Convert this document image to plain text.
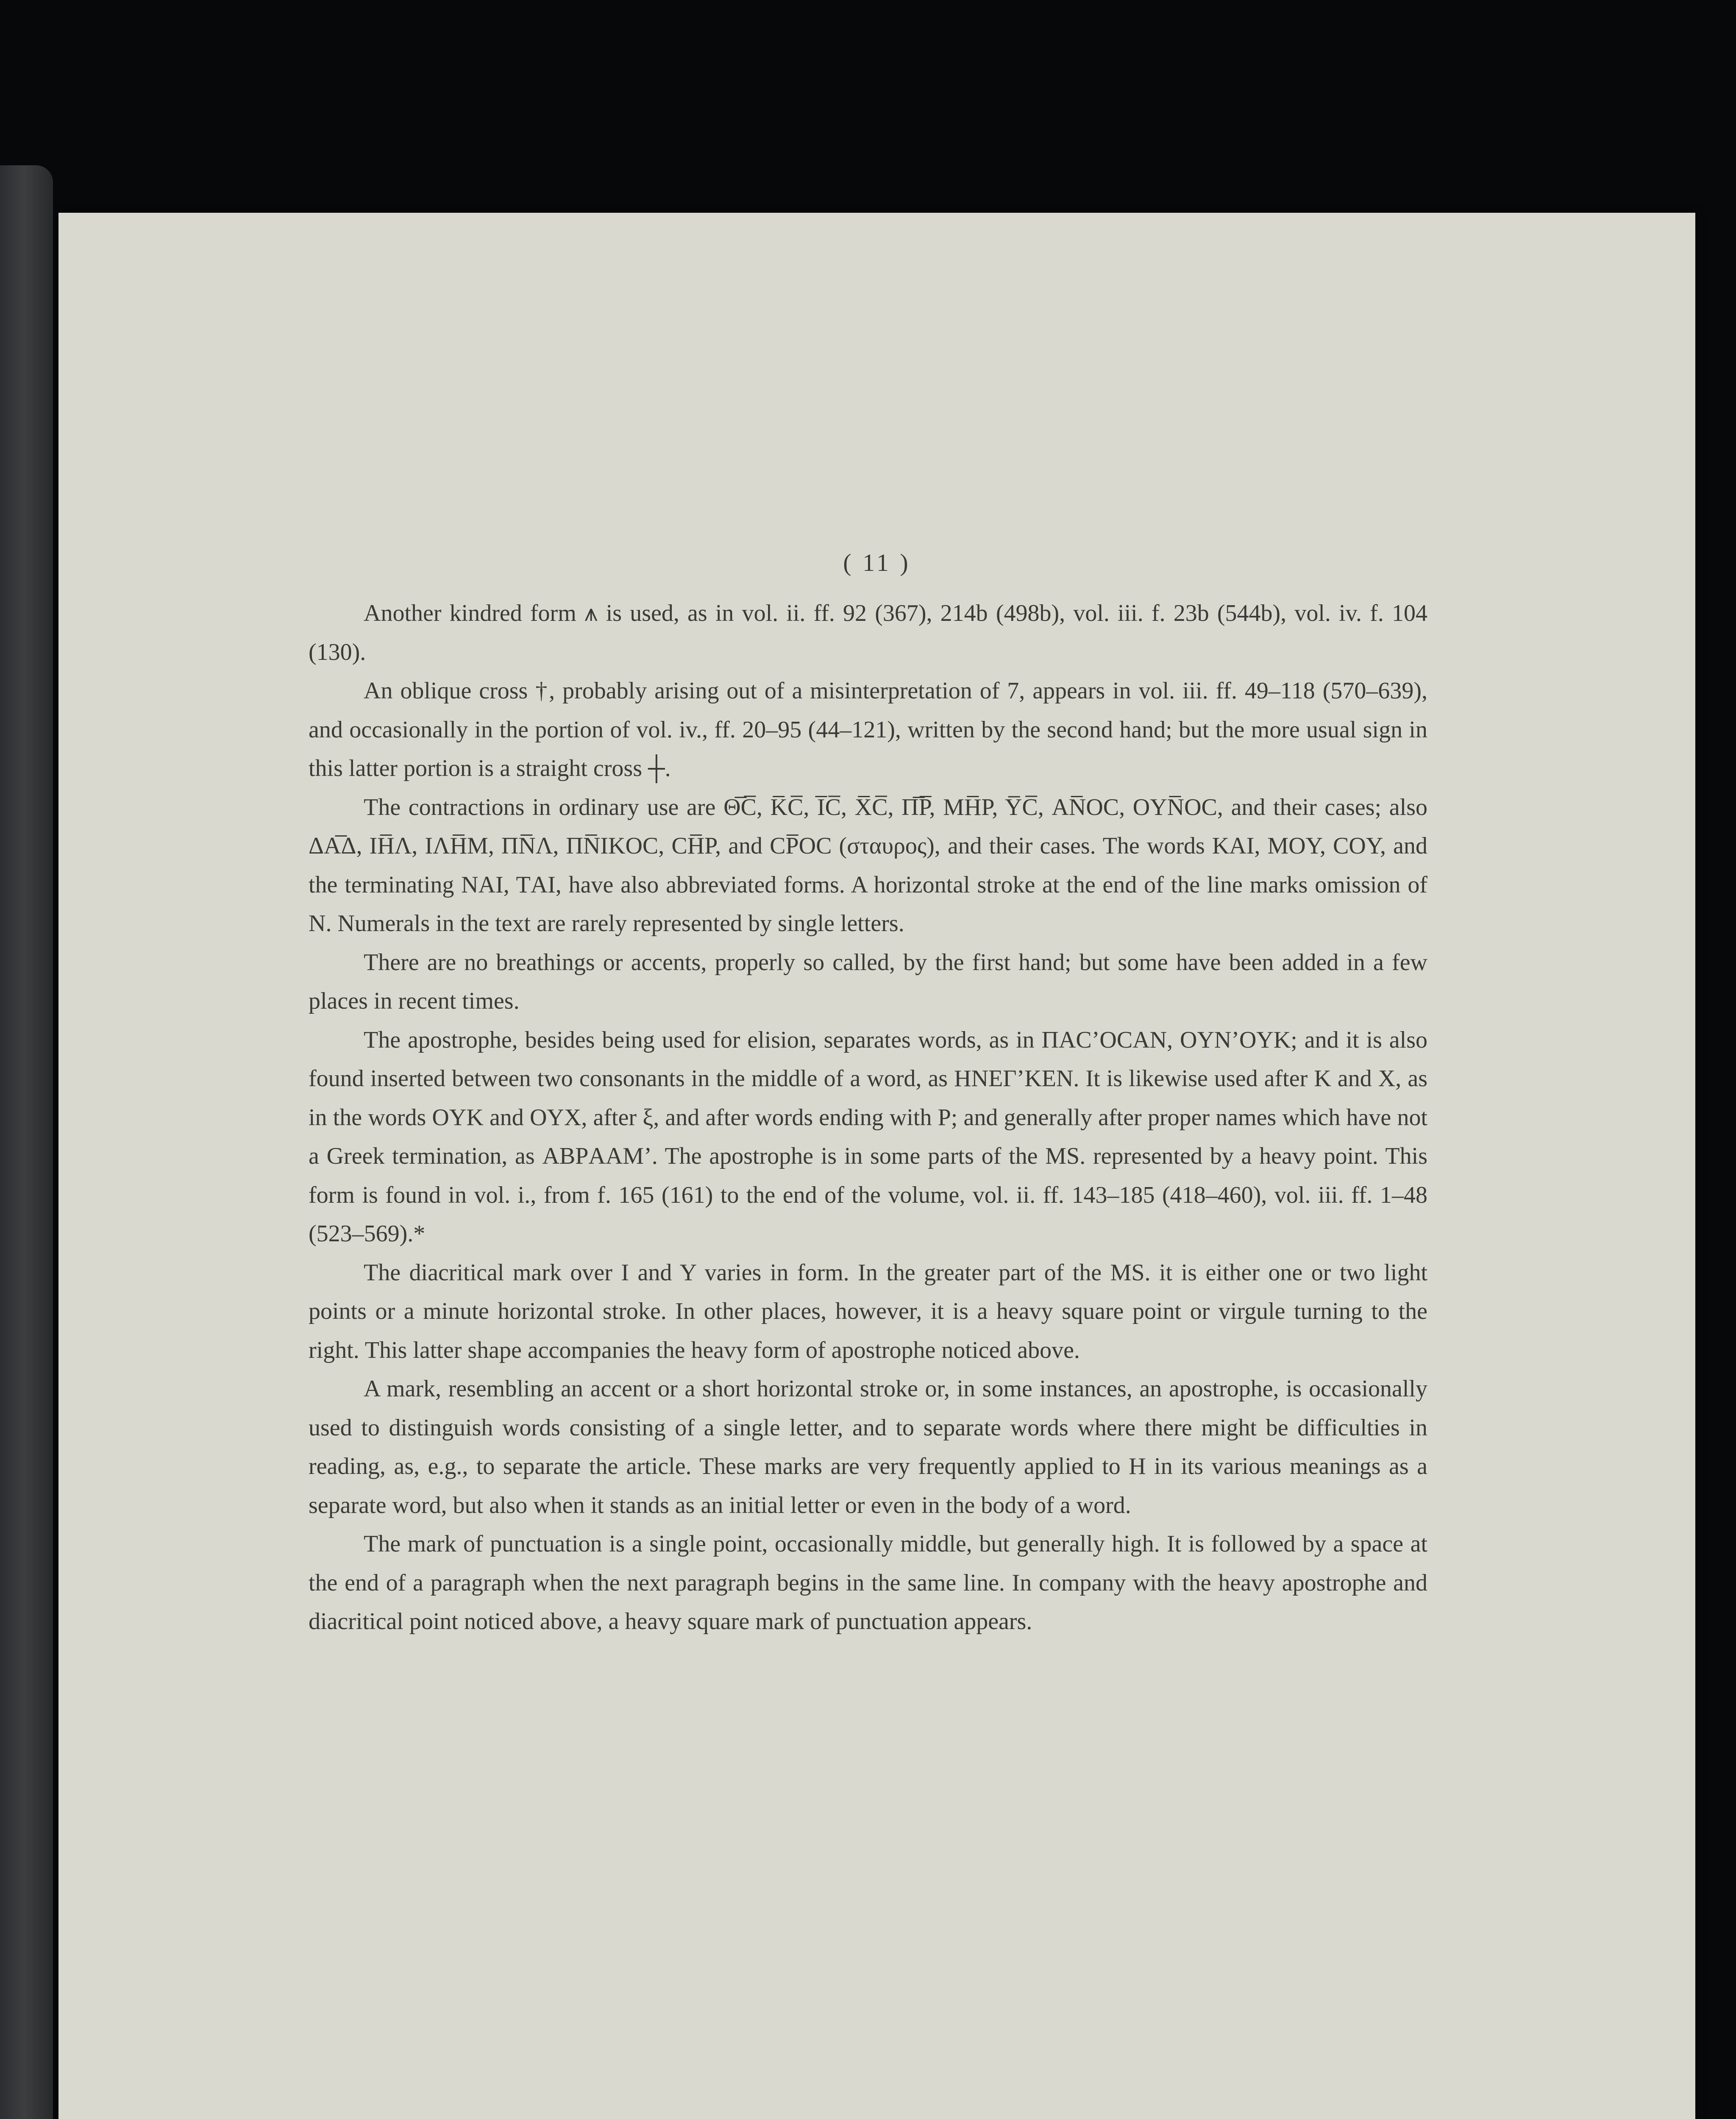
( 11 )

Another kindred form ⩚ is used, as in vol. ii. ff. 92 (367), 214b (498b), vol. iii. f. 23b (544b), vol. iv. f. 104 (130).

An oblique cross †, probably arising out of a misinterpretation of 7, appears in vol. iii. ff. 49–118 (570–639), and occasionally in the portion of vol. iv., ff. 20–95 (44–121), written by the second hand; but the more usual sign in this latter portion is a straight cross ┼.

The contractions in ordinary use are Θ̅C̅, K̅C̅, I̅C̅, X̅C̅, Π̅P̅, MH̅P, Y̅C̅, ΑN̅OC, OYN̅OC, and their cases; also ΔΑ̅Δ, IH̅Λ, IΛH̅M, ΠN̅Λ, ΠN̅IKOC, CH̅P, and CP̅OC (σταυρος), and their cases. The words KΑI, MOY, COY, and the terminating NΑI, TΑI, have also abbreviated forms. A horizontal stroke at the end of the line marks omission of N. Numerals in the text are rarely represented by single letters.

There are no breathings or accents, properly so called, by the first hand; but some have been added in a few places in recent times.

The apostrophe, besides being used for elision, separates words, as in ΠΑC’OCΑN, OYN’OYK; and it is also found inserted between two consonants in the middle of a word, as HNEΓ’KEN. It is likewise used after K and X, as in the words OYK and OYX, after ξ, and after words ending with P; and generally after proper names which have not a Greek termination, as ΑBPΑΑM’. The apostrophe is in some parts of the MS. represented by a heavy point. This form is found in vol. i., from f. 165 (161) to the end of the volume, vol. ii. ff. 143–185 (418–460), vol. iii. ff. 1–48 (523–569).*

The diacritical mark over I and Y varies in form. In the greater part of the MS. it is either one or two light points or a minute horizontal stroke. In other places, however, it is a heavy square point or virgule turning to the right. This latter shape accompanies the heavy form of apostrophe noticed above.

A mark, resembling an accent or a short horizontal stroke or, in some instances, an apostrophe, is occasionally used to distinguish words consisting of a single letter, and to separate words where there might be difficulties in reading, as, e.g., to separate the article. These marks are very frequently applied to H in its various meanings as a separate word, but also when it stands as an initial letter or even in the body of a word.

The mark of punctuation is a single point, occasionally middle, but generally high. It is followed by a space at the end of a paragraph when the next paragraph begins in the same line. In company with the heavy apostrophe and diacritical point noticed above, a heavy square mark of punctuation appears.
